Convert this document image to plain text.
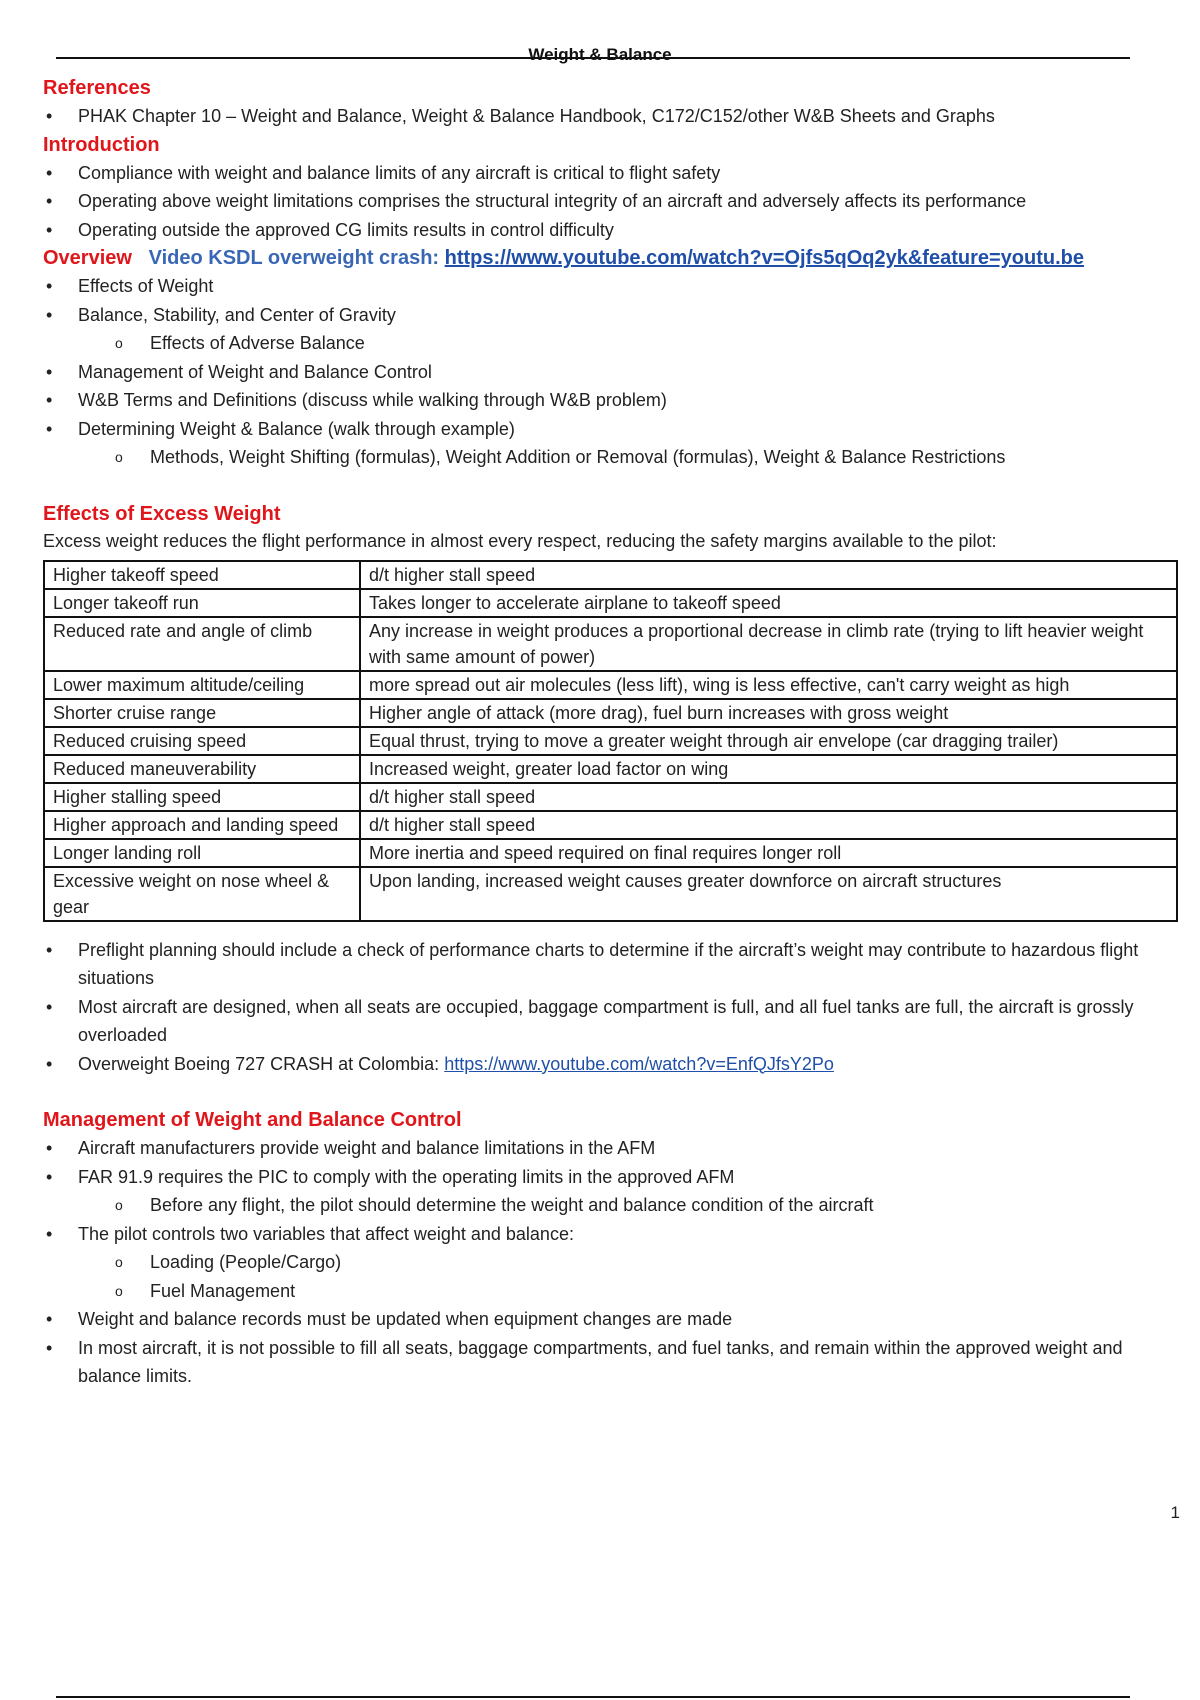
Weight & Balance
References
• PHAK Chapter 10 – Weight and Balance, Weight & Balance Handbook, C172/C152/other W&B Sheets and Graphs
Introduction
• Compliance with weight and balance limits of any aircraft is critical to flight safety
• Operating above weight limitations comprises the structural integrity of an aircraft and adversely affects its performance
• Operating outside the approved CG limits results in control difficulty
Overview Video KSDL overweight crash: https://www.youtube.com/watch?v=Ojfs5qOq2yk&feature=youtu.be
• Effects of Weight
• Balance, Stability, and Center of Gravity
o Effects of Adverse Balance
• Management of Weight and Balance Control
• W&B Terms and Definitions (discuss while walking through W&B problem)
• Determining Weight & Balance (walk through example)
o Methods, Weight Shifting (formulas), Weight Addition or Removal (formulas), Weight & Balance Restrictions
Effects of Excess Weight
Excess weight reduces the flight performance in almost every respect, reducing the safety margins available to the pilot:
Higher takeoff speed	d/t higher stall speed
Longer takeoff run	Takes longer to accelerate airplane to takeoff speed
Reduced rate and angle of climb	Any increase in weight produces a proportional decrease in climb rate (trying to lift heavier weight with same amount of power)
Lower maximum altitude/ceiling	more spread out air molecules (less lift), wing is less effective, can't carry weight as high
Shorter cruise range	Higher angle of attack (more drag), fuel burn increases with gross weight
Reduced cruising speed	Equal thrust, trying to move a greater weight through air envelope (car dragging trailer)
Reduced maneuverability	Increased weight, greater load factor on wing
Higher stalling speed	d/t higher stall speed
Higher approach and landing speed	d/t higher stall speed
Longer landing roll	More inertia and speed required on final requires longer roll
Excessive weight on nose wheel & gear	Upon landing, increased weight causes greater downforce on aircraft structures
• Preflight planning should include a check of performance charts to determine if the aircraft’s weight may contribute to hazardous flight situations
• Most aircraft are designed, when all seats are occupied, baggage compartment is full, and all fuel tanks are full, the aircraft is grossly overloaded
• Overweight Boeing 727 CRASH at Colombia: https://www.youtube.com/watch?v=EnfQJfsY2Po
Management of Weight and Balance Control
• Aircraft manufacturers provide weight and balance limitations in the AFM
• FAR 91.9 requires the PIC to comply with the operating limits in the approved AFM
o Before any flight, the pilot should determine the weight and balance condition of the aircraft
• The pilot controls two variables that affect weight and balance:
o Loading (People/Cargo)
o Fuel Management
• Weight and balance records must be updated when equipment changes are made
• In most aircraft, it is not possible to fill all seats, baggage compartments, and fuel tanks, and remain within the approved weight and balance limits.
1
